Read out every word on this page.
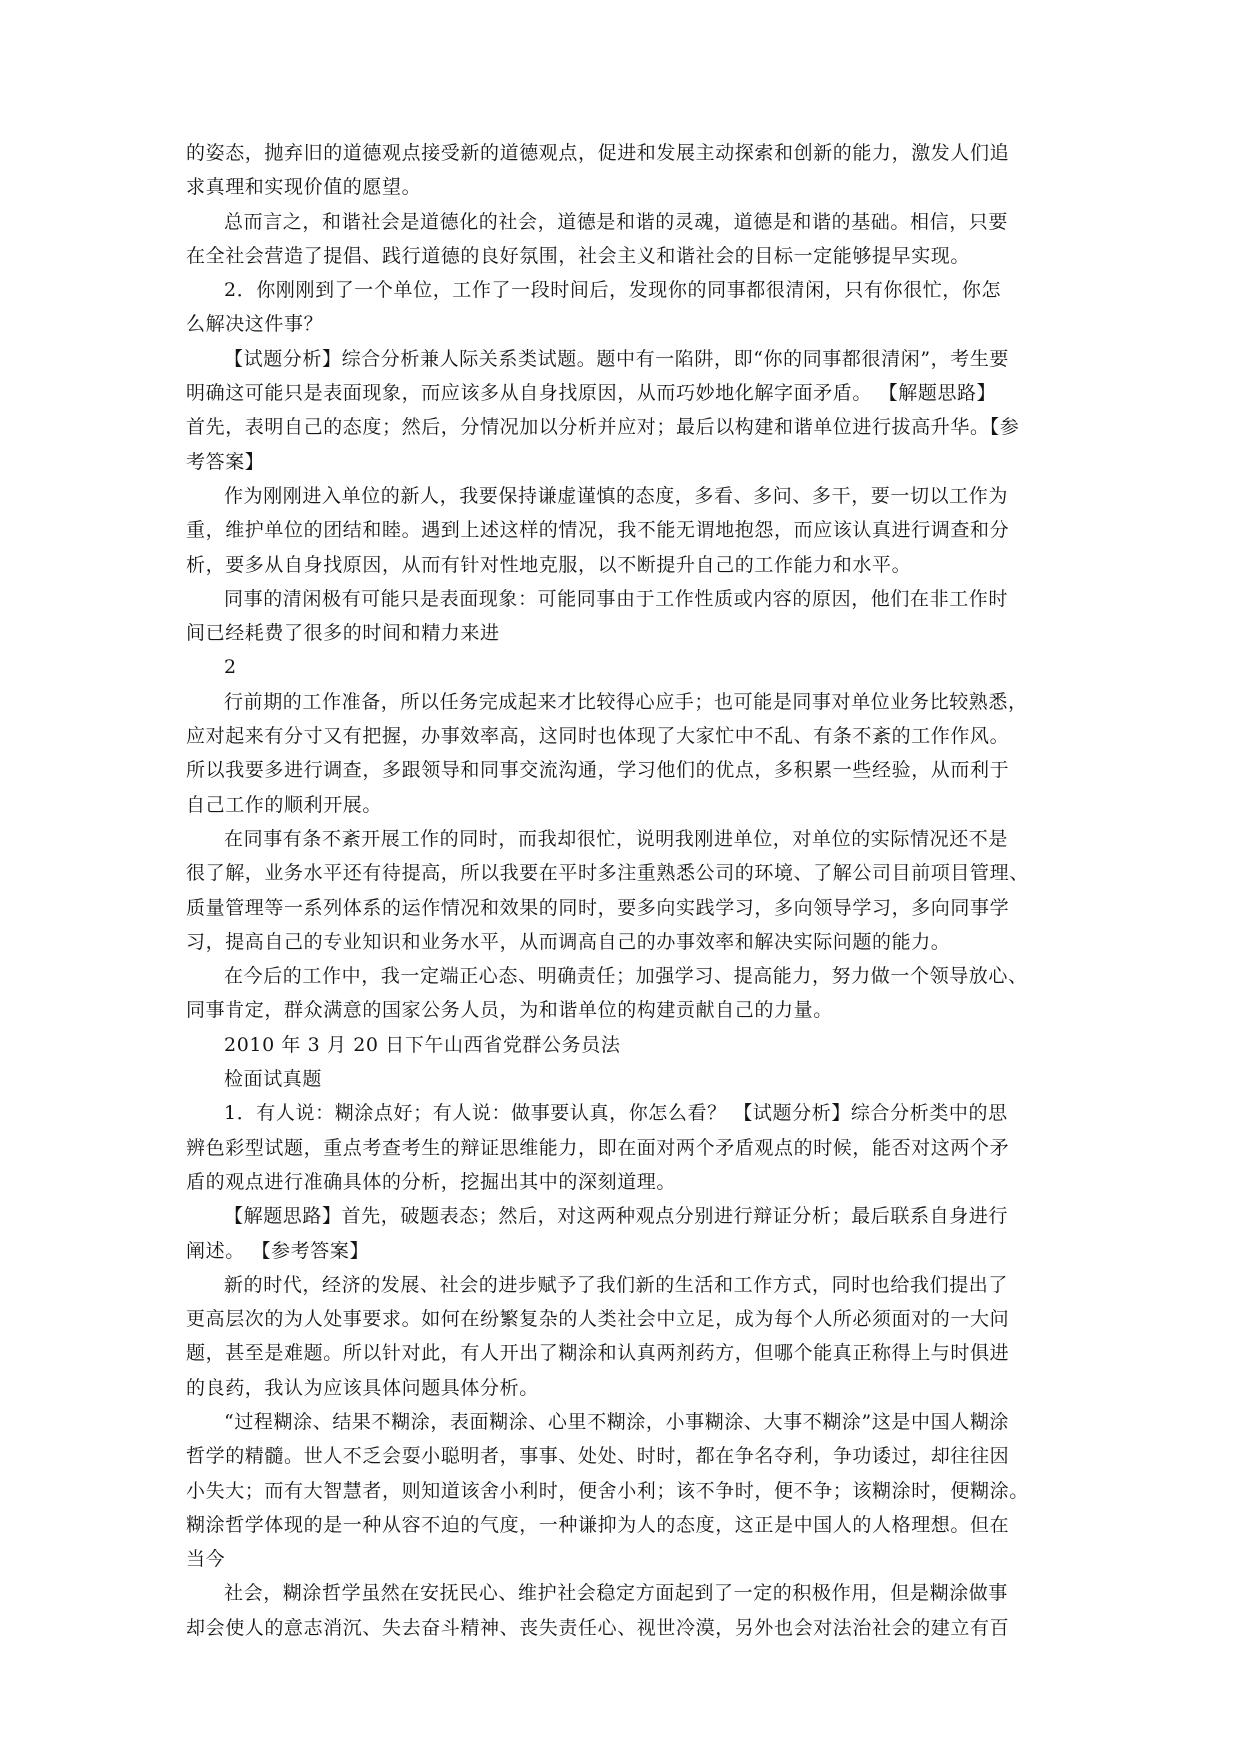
的姿态，抛弃旧的道德观点接受新的道德观点，促进和发展主动探索和创新的能力，激发人们追
求真理和实现价值的愿望。
总而言之，和谐社会是道德化的社会，道德是和谐的灵魂，道德是和谐的基础。相信，只要
在全社会营造了提倡、践行道德的良好氛围，社会主义和谐社会的目标一定能够提早实现。
2．你刚刚到了一个单位，工作了一段时间后，发现你的同事都很清闲，只有你很忙，你怎
么解决这件事？
【试题分析】综合分析兼人际关系类试题。题中有一陷阱，即“你的同事都很清闲”，考生要
明确这可能只是表面现象，而应该多从自身找原因，从而巧妙地化解字面矛盾。 【解题思路】
首先，表明自己的态度；然后，分情况加以分析并应对；最后以构建和谐单位进行拔高升华。【参
考答案】
作为刚刚进入单位的新人，我要保持谦虚谨慎的态度，多看、多问、多干，要一切以工作为
重，维护单位的团结和睦。遇到上述这样的情况，我不能无谓地抱怨，而应该认真进行调查和分
析，要多从自身找原因，从而有针对性地克服，以不断提升自己的工作能力和水平。
同事的清闲极有可能只是表面现象：可能同事由于工作性质或内容的原因，他们在非工作时
间已经耗费了很多的时间和精力来进
2
行前期的工作准备，所以任务完成起来才比较得心应手；也可能是同事对单位业务比较熟悉，
应对起来有分寸又有把握，办事效率高，这同时也体现了大家忙中不乱、有条不紊的工作作风。
所以我要多进行调查，多跟领导和同事交流沟通，学习他们的优点，多积累一些经验，从而利于
自己工作的顺利开展。
在同事有条不紊开展工作的同时，而我却很忙，说明我刚进单位，对单位的实际情况还不是
很了解，业务水平还有待提高，所以我要在平时多注重熟悉公司的环境、了解公司目前项目管理、
质量管理等一系列体系的运作情况和效果的同时，要多向实践学习，多向领导学习，多向同事学
习，提高自己的专业知识和业务水平，从而调高自己的办事效率和解决实际问题的能力。
在今后的工作中，我一定端正心态、明确责任；加强学习、提高能力，努力做一个领导放心、
同事肯定，群众满意的国家公务人员，为和谐单位的构建贡献自己的力量。
2010 年 3 月 20 日下午山西省党群公务员法
检面试真题
1．有人说：糊涂点好；有人说：做事要认真，你怎么看？ 【试题分析】综合分析类中的思
辨色彩型试题，重点考查考生的辩证思维能力，即在面对两个矛盾观点的时候，能否对这两个矛
盾的观点进行准确具体的分析，挖掘出其中的深刻道理。
【解题思路】首先，破题表态；然后，对这两种观点分别进行辩证分析；最后联系自身进行
阐述。 【参考答案】
新的时代，经济的发展、社会的进步赋予了我们新的生活和工作方式，同时也给我们提出了
更高层次的为人处事要求。如何在纷繁复杂的人类社会中立足，成为每个人所必须面对的一大问
题，甚至是难题。所以针对此，有人开出了糊涂和认真两剂药方，但哪个能真正称得上与时俱进
的良药，我认为应该具体问题具体分析。
“过程糊涂、结果不糊涂，表面糊涂、心里不糊涂，小事糊涂、大事不糊涂”这是中国人糊涂
哲学的精髓。世人不乏会耍小聪明者，事事、处处、时时，都在争名夺利，争功诿过，却往往因
小失大；而有大智慧者，则知道该舍小利时，便舍小利；该不争时，便不争；该糊涂时，便糊涂。
糊涂哲学体现的是一种从容不迫的气度，一种谦抑为人的态度，这正是中国人的人格理想。但在
当今
社会，糊涂哲学虽然在安抚民心、维护社会稳定方面起到了一定的积极作用，但是糊涂做事
却会使人的意志消沉、失去奋斗精神、丧失责任心、视世冷漠，另外也会对法治社会的建立有百
